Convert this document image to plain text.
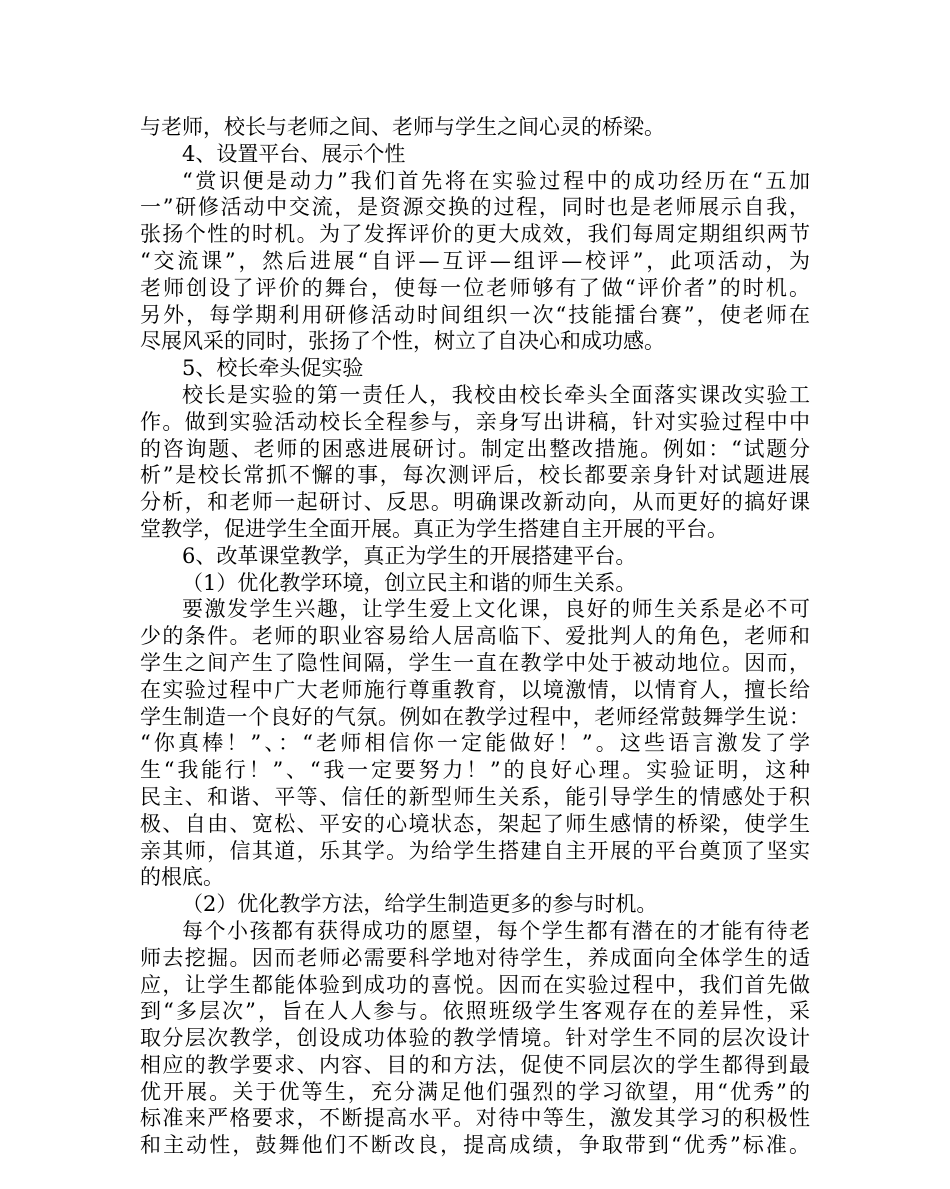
与老师，校长与老师之间、老师与学生之间心灵的桥梁。
4、设置平台、展示个性
“赏识便是动力”我们首先将在实验过程中的成功经历在“五加
一”研修活动中交流，是资源交换的过程，同时也是老师展示自我，
张扬个性的时机。为了发挥评价的更大成效，我们每周定期组织两节
“交流课”，然后进展“自评—互评—组评—校评”，此项活动，为
老师创设了评价的舞台，使每一位老师够有了做“评价者”的时机。
另外，每学期利用研修活动时间组织一次“技能擂台赛”，使老师在
尽展风采的同时，张扬了个性，树立了自决心和成功感。
5、校长牵头促实验
校长是实验的第一责任人，我校由校长牵头全面落实课改实验工
作。做到实验活动校长全程参与，亲身写出讲稿，针对实验过程中中
的咨询题、老师的困惑进展研讨。制定出整改措施。例如：“试题分
析”是校长常抓不懈的事，每次测评后，校长都要亲身针对试题进展
分析，和老师一起研讨、反思。明确课改新动向，从而更好的搞好课
堂教学，促进学生全面开展。真正为学生搭建自主开展的平台。
6、改革课堂教学，真正为学生的开展搭建平台。
（1）优化教学环境，创立民主和谐的师生关系。
要激发学生兴趣，让学生爱上文化课，良好的师生关系是必不可
少的条件。老师的职业容易给人居高临下、爱批判人的角色，老师和
学生之间产生了隐性间隔，学生一直在教学中处于被动地位。因而，
在实验过程中广大老师施行尊重教育，以境激情，以情育人，擅长给
学生制造一个良好的气氛。例如在教学过程中，老师经常鼓舞学生说：
“你真棒！”、：“老师相信你一定能做好！”。这些语言激发了学
生“我能行！”、“我一定要努力！”的良好心理。实验证明，这种
民主、和谐、平等、信任的新型师生关系，能引导学生的情感处于积
极、自由、宽松、平安的心境状态，架起了师生感情的桥梁，使学生
亲其师，信其道，乐其学。为给学生搭建自主开展的平台奠顶了坚实
的根底。
（2）优化教学方法，给学生制造更多的参与时机。
每个小孩都有获得成功的愿望，每个学生都有潜在的才能有待老
师去挖掘。因而老师必需要科学地对待学生，养成面向全体学生的适
应，让学生都能体验到成功的喜悦。因而在实验过程中，我们首先做
到“多层次”，旨在人人参与。依照班级学生客观存在的差异性，采
取分层次教学，创设成功体验的教学情境。针对学生不同的层次设计
相应的教学要求、内容、目的和方法，促使不同层次的学生都得到最
优开展。关于优等生，充分满足他们强烈的学习欲望，用“优秀”的
标准来严格要求，不断提高水平。对待中等生，激发其学习的积极性
和主动性，鼓舞他们不断改良，提高成绩，争取带到“优秀”标准。
